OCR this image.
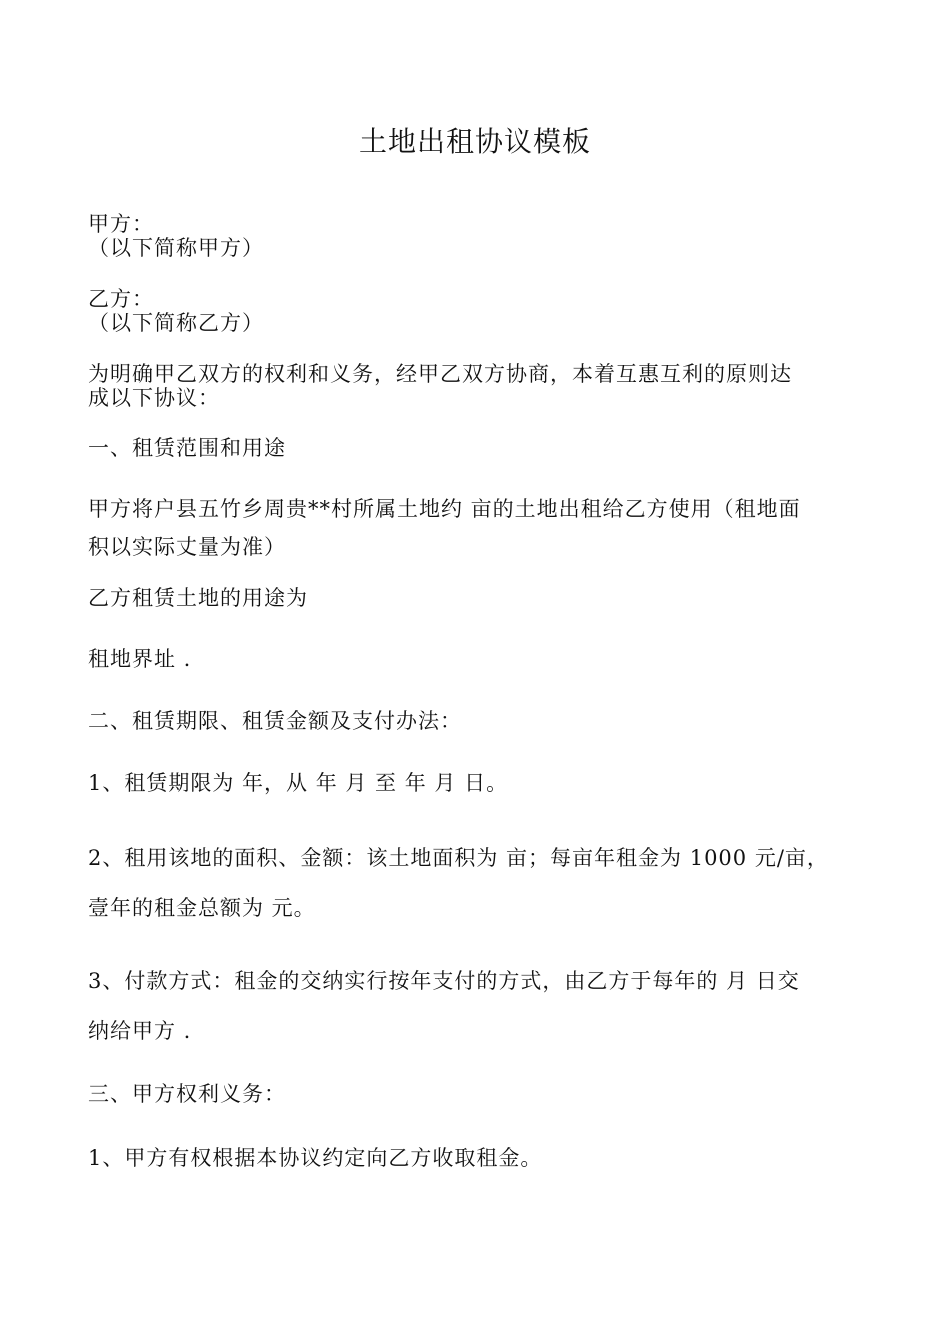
土地出租协议模板

甲方：

（以下简称甲方）

乙方：

（以下简称乙方）

为明确甲乙双方的权利和义务，经甲乙双方协商，本着互惠互利的原则达

成以下协议：

一、租赁范围和用途

甲方将户县五竹乡周贵**村所属土地约 亩的土地出租给乙方使用（租地面

积以实际丈量为准）

乙方租赁土地的用途为

租地界址 .

二、租赁期限、租赁金额及支付办法：

1、租赁期限为 年，从 年 月 至 年 月 日。

2、租用该地的面积、金额：该土地面积为 亩；每亩年租金为 1000 元/亩，

壹年的租金总额为 元。

3、付款方式：租金的交纳实行按年支付的方式，由乙方于每年的 月 日交

纳给甲方 .

三、甲方权利义务：

1、甲方有权根据本协议约定向乙方收取租金。
